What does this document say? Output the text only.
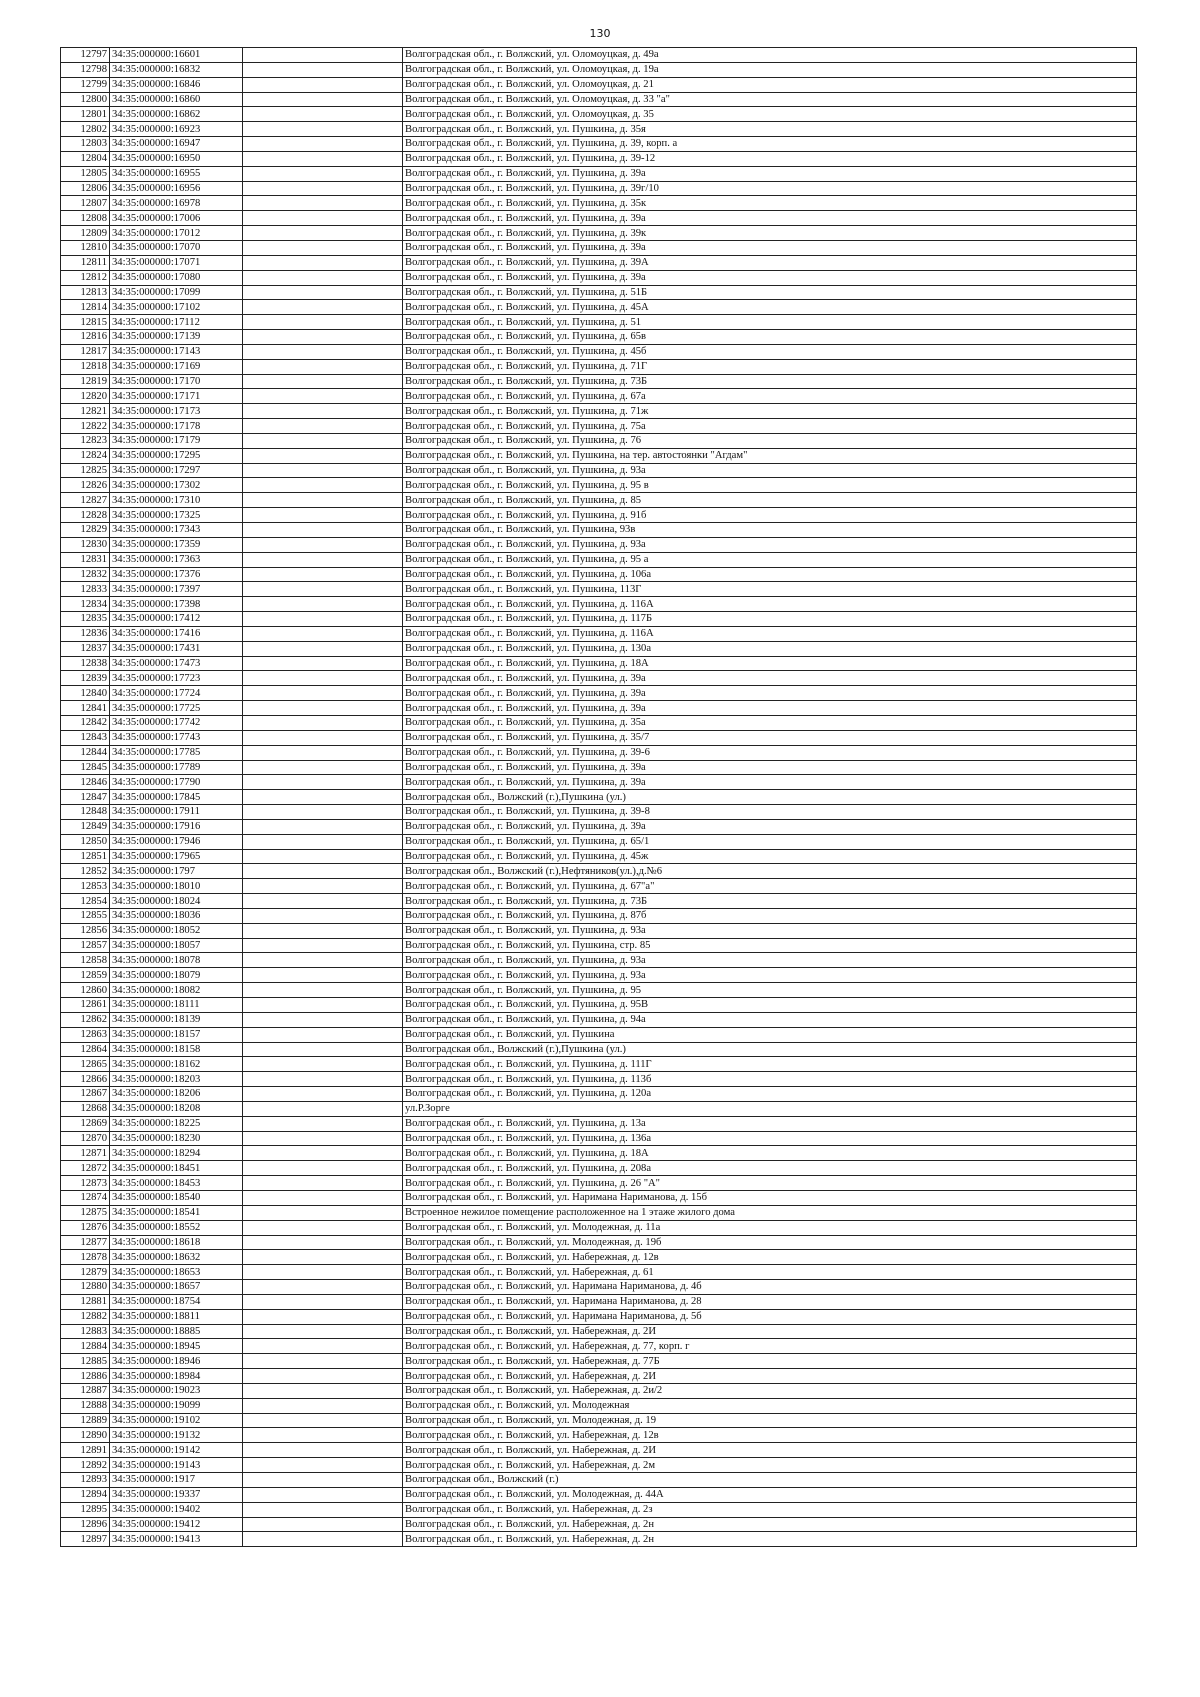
130
12797	34:35:000000:16601		Волгоградская обл., г. Волжский, ул. Оломоуцкая, д. 49а
12798	34:35:000000:16832		Волгоградская обл., г. Волжский, ул. Оломоуцкая, д. 19а
12799	34:35:000000:16846		Волгоградская обл., г. Волжский, ул. Оломоуцкая, д. 21
12800	34:35:000000:16860		Волгоградская обл., г. Волжский, ул. Оломоуцкая, д. 33 "а"
12801	34:35:000000:16862		Волгоградская обл., г. Волжский, ул. Оломоуцкая, д. 35
12802	34:35:000000:16923		Волгоградская обл., г. Волжский, ул. Пушкина, д. 35я
12803	34:35:000000:16947		Волгоградская обл., г. Волжский, ул. Пушкина, д. 39, корп. а
12804	34:35:000000:16950		Волгоградская обл., г. Волжский, ул. Пушкина, д. 39-12
12805	34:35:000000:16955		Волгоградская обл., г. Волжский, ул. Пушкина, д. 39а
12806	34:35:000000:16956		Волгоградская обл., г. Волжский, ул. Пушкина, д. 39г/10
12807	34:35:000000:16978		Волгоградская обл., г. Волжский, ул. Пушкина, д. 35к
12808	34:35:000000:17006		Волгоградская обл., г. Волжский, ул. Пушкина, д. 39а
12809	34:35:000000:17012		Волгоградская обл., г. Волжский, ул. Пушкина, д. 39к
12810	34:35:000000:17070		Волгоградская обл., г. Волжский, ул. Пушкина, д. 39а
12811	34:35:000000:17071		Волгоградская обл., г. Волжский, ул. Пушкина, д. 39А
12812	34:35:000000:17080		Волгоградская обл., г. Волжский, ул. Пушкина, д. 39а
12813	34:35:000000:17099		Волгоградская обл., г. Волжский, ул. Пушкина, д. 51Б
12814	34:35:000000:17102		Волгоградская обл., г. Волжский, ул. Пушкина, д. 45А
12815	34:35:000000:17112		Волгоградская обл., г. Волжский, ул. Пушкина, д. 51
12816	34:35:000000:17139		Волгоградская обл., г. Волжский, ул. Пушкина, д. 65в
12817	34:35:000000:17143		Волгоградская обл., г. Волжский, ул. Пушкина, д. 45б
12818	34:35:000000:17169		Волгоградская обл., г. Волжский, ул. Пушкина, д. 71Г
12819	34:35:000000:17170		Волгоградская обл., г. Волжский, ул. Пушкина, д. 73Б
12820	34:35:000000:17171		Волгоградская обл., г. Волжский, ул. Пушкина, д. 67а
12821	34:35:000000:17173		Волгоградская обл., г. Волжский, ул. Пушкина, д. 71ж
12822	34:35:000000:17178		Волгоградская обл., г. Волжский, ул. Пушкина, д. 75а
12823	34:35:000000:17179		Волгоградская обл., г. Волжский, ул. Пушкина, д. 76
12824	34:35:000000:17295		Волгоградская обл., г. Волжский, ул. Пушкина, на тер. автостоянки "Агдам"
12825	34:35:000000:17297		Волгоградская обл., г. Волжский, ул. Пушкина, д. 93а
12826	34:35:000000:17302		Волгоградская обл., г. Волжский, ул. Пушкина, д. 95 в
12827	34:35:000000:17310		Волгоградская обл., г. Волжский, ул. Пушкина, д. 85
12828	34:35:000000:17325		Волгоградская обл., г. Волжский, ул. Пушкина, д. 91б
12829	34:35:000000:17343		Волгоградская обл., г. Волжский, ул. Пушкина, 93в
12830	34:35:000000:17359		Волгоградская обл., г. Волжский, ул. Пушкина, д. 93а
12831	34:35:000000:17363		Волгоградская обл., г. Волжский, ул. Пушкина, д. 95 а
12832	34:35:000000:17376		Волгоградская обл., г. Волжский, ул. Пушкина, д. 106а
12833	34:35:000000:17397		Волгоградская обл., г. Волжский, ул. Пушкина, 113Г
12834	34:35:000000:17398		Волгоградская обл., г. Волжский, ул. Пушкина, д. 116А
12835	34:35:000000:17412		Волгоградская обл., г. Волжский, ул. Пушкина, д. 117Б
12836	34:35:000000:17416		Волгоградская обл., г. Волжский, ул. Пушкина, д. 116А
12837	34:35:000000:17431		Волгоградская обл., г. Волжский, ул. Пушкина, д. 130а
12838	34:35:000000:17473		Волгоградская обл., г. Волжский, ул. Пушкина, д. 18А
12839	34:35:000000:17723		Волгоградская обл., г. Волжский, ул. Пушкина, д. 39а
12840	34:35:000000:17724		Волгоградская обл., г. Волжский, ул. Пушкина, д. 39а
12841	34:35:000000:17725		Волгоградская обл., г. Волжский, ул. Пушкина, д. 39а
12842	34:35:000000:17742		Волгоградская обл., г. Волжский, ул. Пушкина, д. 35а
12843	34:35:000000:17743		Волгоградская обл., г. Волжский, ул. Пушкина, д. 35/7
12844	34:35:000000:17785		Волгоградская обл., г. Волжский, ул. Пушкина, д. 39-6
12845	34:35:000000:17789		Волгоградская обл., г. Волжский, ул. Пушкина, д. 39а
12846	34:35:000000:17790		Волгоградская обл., г. Волжский, ул. Пушкина, д. 39а
12847	34:35:000000:17845		Волгоградская обл., Волжский (г.),Пушкина (ул.)
12848	34:35:000000:17911		Волгоградская обл., г. Волжский, ул. Пушкина, д. 39-8
12849	34:35:000000:17916		Волгоградская обл., г. Волжский, ул. Пушкина, д. 39а
12850	34:35:000000:17946		Волгоградская обл., г. Волжский, ул. Пушкина, д. 65/1
12851	34:35:000000:17965		Волгоградская обл., г. Волжский, ул. Пушкина, д. 45ж
12852	34:35:000000:1797		Волгоградская обл., Волжский (г.),Нефтяников(ул.),д.№6
12853	34:35:000000:18010		Волгоградская обл., г. Волжский, ул. Пушкина, д. 67"а"
12854	34:35:000000:18024		Волгоградская обл., г. Волжский, ул. Пушкина, д. 73Б
12855	34:35:000000:18036		Волгоградская обл., г. Волжский, ул. Пушкина, д. 87б
12856	34:35:000000:18052		Волгоградская обл., г. Волжский, ул. Пушкина, д. 93а
12857	34:35:000000:18057		Волгоградская обл., г. Волжский, ул. Пушкина, стр. 85
12858	34:35:000000:18078		Волгоградская обл., г. Волжский, ул. Пушкина, д. 93а
12859	34:35:000000:18079		Волгоградская обл., г. Волжский, ул. Пушкина, д. 93а
12860	34:35:000000:18082		Волгоградская обл., г. Волжский, ул. Пушкина, д. 95
12861	34:35:000000:18111		Волгоградская обл., г. Волжский, ул. Пушкина, д. 95В
12862	34:35:000000:18139		Волгоградская обл., г. Волжский, ул. Пушкина, д. 94а
12863	34:35:000000:18157		Волгоградская обл., г. Волжский, ул. Пушкина
12864	34:35:000000:18158		Волгоградская обл., Волжский (г.),Пушкина (ул.)
12865	34:35:000000:18162		Волгоградская обл., г. Волжский, ул. Пушкина, д. 111Г
12866	34:35:000000:18203		Волгоградская обл., г. Волжский, ул. Пушкина, д. 113б
12867	34:35:000000:18206		Волгоградская обл., г. Волжский, ул. Пушкина, д. 120а
12868	34:35:000000:18208		ул.Р.Зорге
12869	34:35:000000:18225		Волгоградская обл., г. Волжский, ул. Пушкина, д. 13а
12870	34:35:000000:18230		Волгоградская обл., г. Волжский, ул. Пушкина, д. 136а
12871	34:35:000000:18294		Волгоградская обл., г. Волжский, ул. Пушкина, д. 18А
12872	34:35:000000:18451		Волгоградская обл., г. Волжский, ул. Пушкина, д. 208а
12873	34:35:000000:18453		Волгоградская обл., г. Волжский, ул. Пушкина, д. 26 "А"
12874	34:35:000000:18540		Волгоградская обл., г. Волжский, ул. Наримана Нариманова, д. 15б
12875	34:35:000000:18541		Встроенное нежилое помещение расположенное на 1 этаже жилого дома
12876	34:35:000000:18552		Волгоградская обл., г. Волжский, ул. Молодежная, д. 11а
12877	34:35:000000:18618		Волгоградская обл., г. Волжский, ул. Молодежная, д. 19б
12878	34:35:000000:18632		Волгоградская обл., г. Волжский, ул. Набережная, д. 12в
12879	34:35:000000:18653		Волгоградская обл., г. Волжский, ул. Набережная, д. 61
12880	34:35:000000:18657		Волгоградская обл., г. Волжский, ул. Наримана Нариманова, д. 4б
12881	34:35:000000:18754		Волгоградская обл., г. Волжский, ул. Наримана Нариманова, д. 28
12882	34:35:000000:18811		Волгоградская обл., г. Волжский, ул. Наримана Нариманова, д. 5б
12883	34:35:000000:18885		Волгоградская обл., г. Волжский, ул. Набережная, д. 2И
12884	34:35:000000:18945		Волгоградская обл., г. Волжский, ул. Набережная, д. 77, корп. г
12885	34:35:000000:18946		Волгоградская обл., г. Волжский, ул. Набережная, д. 77Б
12886	34:35:000000:18984		Волгоградская обл., г. Волжский, ул. Набережная, д. 2И
12887	34:35:000000:19023		Волгоградская обл., г. Волжский, ул. Набережная, д. 2и/2
12888	34:35:000000:19099		Волгоградская обл., г. Волжский, ул. Молодежная
12889	34:35:000000:19102		Волгоградская обл., г. Волжский, ул. Молодежная, д. 19
12890	34:35:000000:19132		Волгоградская обл., г. Волжский, ул. Набережная, д. 12в
12891	34:35:000000:19142		Волгоградская обл., г. Волжский, ул. Набережная, д. 2И
12892	34:35:000000:19143		Волгоградская обл., г. Волжский, ул. Набережная, д. 2м
12893	34:35:000000:1917		Волгоградская обл., Волжский (г.)
12894	34:35:000000:19337		Волгоградская обл., г. Волжский, ул. Молодежная, д. 44А
12895	34:35:000000:19402		Волгоградская обл., г. Волжский, ул. Набережная, д. 2з
12896	34:35:000000:19412		Волгоградская обл., г. Волжский, ул. Набережная, д. 2н
12897	34:35:000000:19413		Волгоградская обл., г. Волжский, ул. Набережная, д. 2н
